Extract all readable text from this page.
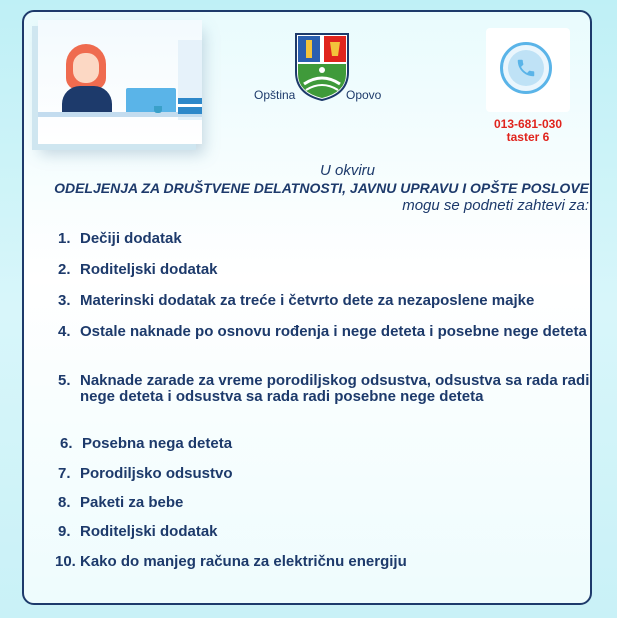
Opština	Opovo
013-681-030
taster 6
U okviru
ODELJENJA ZA DRUŠTVENE DELATNOSTI, JAVNU UPRAVU I OPŠTE POSLOVE
mogu se podneti zahtevi za:
1. Dečiji dodatak
2. Roditeljski dodatak
3. Materinski dodatak za treće i četvrto dete za nezaposlene majke
4. Ostale naknade po osnovu rođenja i nege deteta i posebne nege deteta
5. Naknade zarade za vreme porodiljskog odsustva, odsustva sa rada radi nege deteta i odsustva sa rada radi posebne nege deteta
6. Posebna nega deteta
7. Porodiljsko odsustvo
8. Paketi za bebe
9. Roditeljski dodatak
10. Kako do manjeg računa za električnu energiju
